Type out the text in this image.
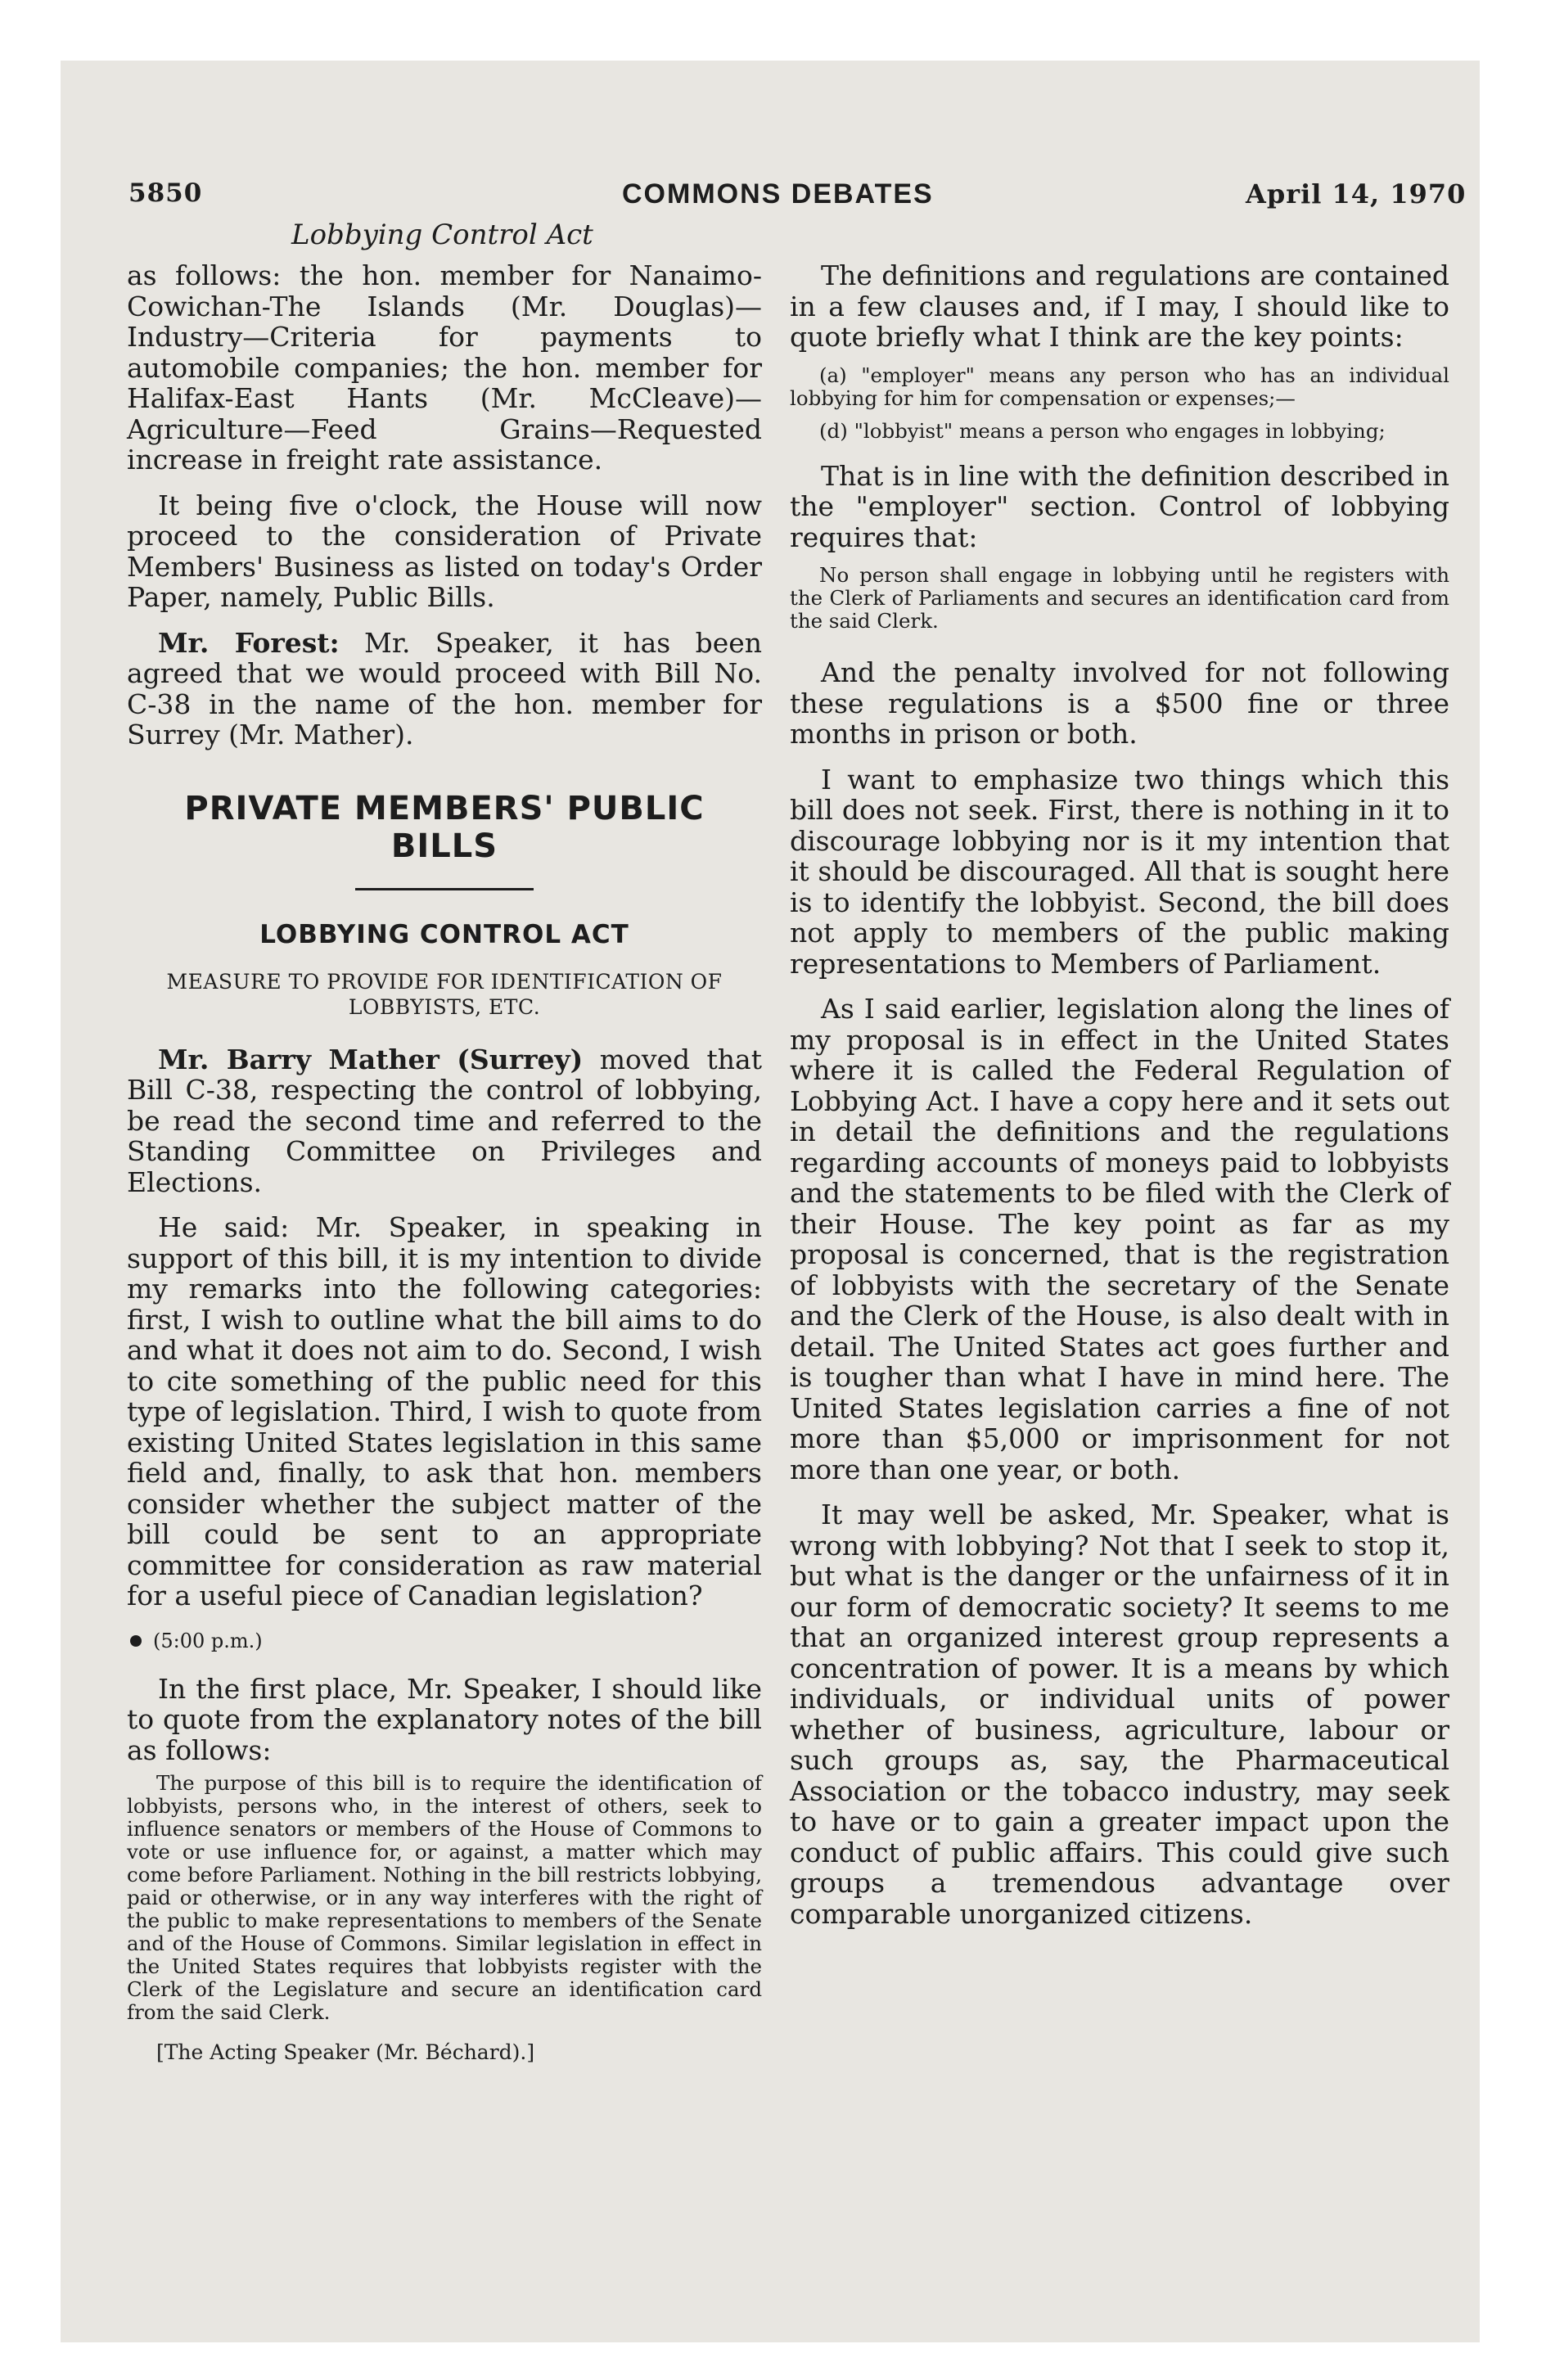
5850	COMMONS DEBATES	April 14, 1970
Lobbying Control Act

as follows: the hon. member for Nanaimo-Cowichan-The Islands (Mr. Douglas)—Industry—Criteria for payments to automobile companies; the hon. member for Halifax-East Hants (Mr. McCleave)—Agriculture—Feed Grains—Requested increase in freight rate assistance.

It being five o'clock, the House will now proceed to the consideration of Private Members' Business as listed on today's Order Paper, namely, Public Bills.

Mr. Forest: Mr. Speaker, it has been agreed that we would proceed with Bill No. C-38 in the name of the hon. member for Surrey (Mr. Mather).

PRIVATE MEMBERS' PUBLIC BILLS
LOBBYING CONTROL ACT
MEASURE TO PROVIDE FOR IDENTIFICATION OF LOBBYISTS, ETC.

Mr. Barry Mather (Surrey) moved that Bill C-38, respecting the control of lobbying, be read the second time and referred to the Standing Committee on Privileges and Elections.

He said: Mr. Speaker, in speaking in support of this bill, it is my intention to divide my remarks into the following categories: first, I wish to outline what the bill aims to do and what it does not aim to do. Second, I wish to cite something of the public need for this type of legislation. Third, I wish to quote from existing United States legislation in this same field and, finally, to ask that hon. members consider whether the subject matter of the bill could be sent to an appropriate committee for consideration as raw material for a useful piece of Canadian legislation?

(5:00 p.m.)

In the first place, Mr. Speaker, I should like to quote from the explanatory notes of the bill as follows:

The purpose of this bill is to require the identification of lobbyists, persons who, in the interest of others, seek to influence senators or members of the House of Commons to vote or use influence for, or against, a matter which may come before Parliament. Nothing in the bill restricts lobbying, paid or otherwise, or in any way interferes with the right of the public to make representations to members of the Senate and of the House of Commons. Similar legislation in effect in the United States requires that lobbyists register with the Clerk of the Legislature and secure an identification card from the said Clerk.
[The Acting Speaker (Mr. Béchard).]

The definitions and regulations are contained in a few clauses and, if I may, I should like to quote briefly what I think are the key points:

(a) "employer" means any person who has an individual lobbying for him for compensation or expenses;—
(d) "lobbyist" means a person who engages in lobbying;

That is in line with the definition described in the "employer" section. Control of lobbying requires that:

No person shall engage in lobbying until he registers with the Clerk of Parliaments and secures an identification card from the said Clerk.

And the penalty involved for not following these regulations is a $500 fine or three months in prison or both.

I want to emphasize two things which this bill does not seek. First, there is nothing in it to discourage lobbying nor is it my intention that it should be discouraged. All that is sought here is to identify the lobbyist. Second, the bill does not apply to members of the public making representations to Members of Parliament.

As I said earlier, legislation along the lines of my proposal is in effect in the United States where it is called the Federal Regulation of Lobbying Act. I have a copy here and it sets out in detail the definitions and the regulations regarding accounts of moneys paid to lobbyists and the statements to be filed with the Clerk of their House. The key point as far as my proposal is concerned, that is the registration of lobbyists with the secretary of the Senate and the Clerk of the House, is also dealt with in detail. The United States act goes further and is tougher than what I have in mind here. The United States legislation carries a fine of not more than $5,000 or imprisonment for not more than one year, or both.

It may well be asked, Mr. Speaker, what is wrong with lobbying? Not that I seek to stop it, but what is the danger or the unfairness of it in our form of democratic society? It seems to me that an organized interest group represents a concentration of power. It is a means by which individuals, or individual units of power whether of business, agriculture, labour or such groups as, say, the Pharmaceutical Association or the tobacco industry, may seek to have or to gain a greater impact upon the conduct of public affairs. This could give such groups a tremendous advantage over comparable unorganized citizens.
